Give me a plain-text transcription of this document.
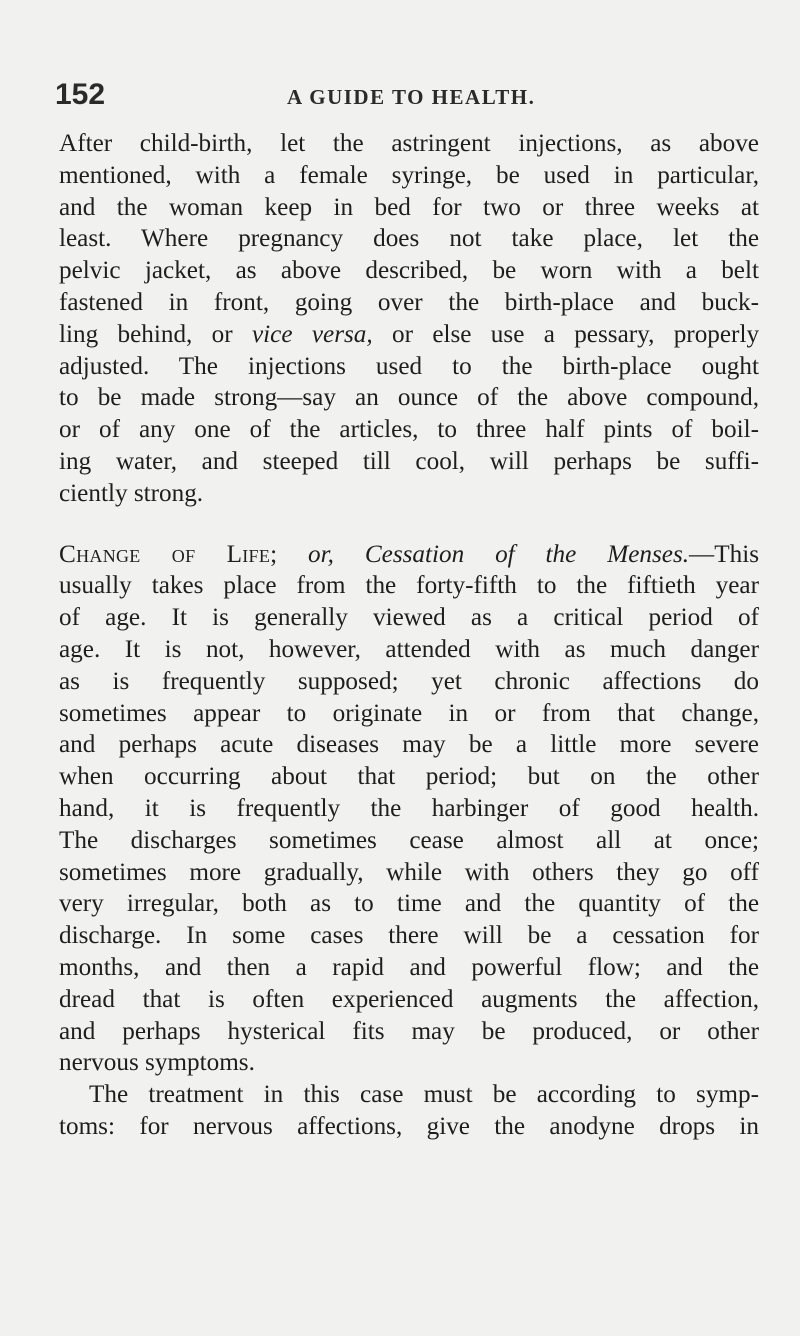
152	A GUIDE TO HEALTH.
After child-birth, let the astringent injections, as above
mentioned, with a female syringe, be used in particular,
and the woman keep in bed for two or three weeks at
least. Where pregnancy does not take place, let the
pelvic jacket, as above described, be worn with a belt
fastened in front, going over the birth-place and buck-
ling behind, or vice versa, or else use a pessary, properly
adjusted. The injections used to the birth-place ought
to be made strong—say an ounce of the above compound,
or of any one of the articles, to three half pints of boil-
ing water, and steeped till cool, will perhaps be suffi-
ciently strong.
Change of Life; or, Cessation of the Menses.—This
usually takes place from the forty-fifth to the fiftieth year
of age. It is generally viewed as a critical period of
age. It is not, however, attended with as much danger
as is frequently supposed; yet chronic affections do
sometimes appear to originate in or from that change,
and perhaps acute diseases may be a little more severe
when occurring about that period; but on the other
hand, it is frequently the harbinger of good health.
The discharges sometimes cease almost all at once;
sometimes more gradually, while with others they go off
very irregular, both as to time and the quantity of the
discharge. In some cases there will be a cessation for
months, and then a rapid and powerful flow; and the
dread that is often experienced augments the affection,
and perhaps hysterical fits may be produced, or other
nervous symptoms.
The treatment in this case must be according to symp-
toms: for nervous affections, give the anodyne drops in
